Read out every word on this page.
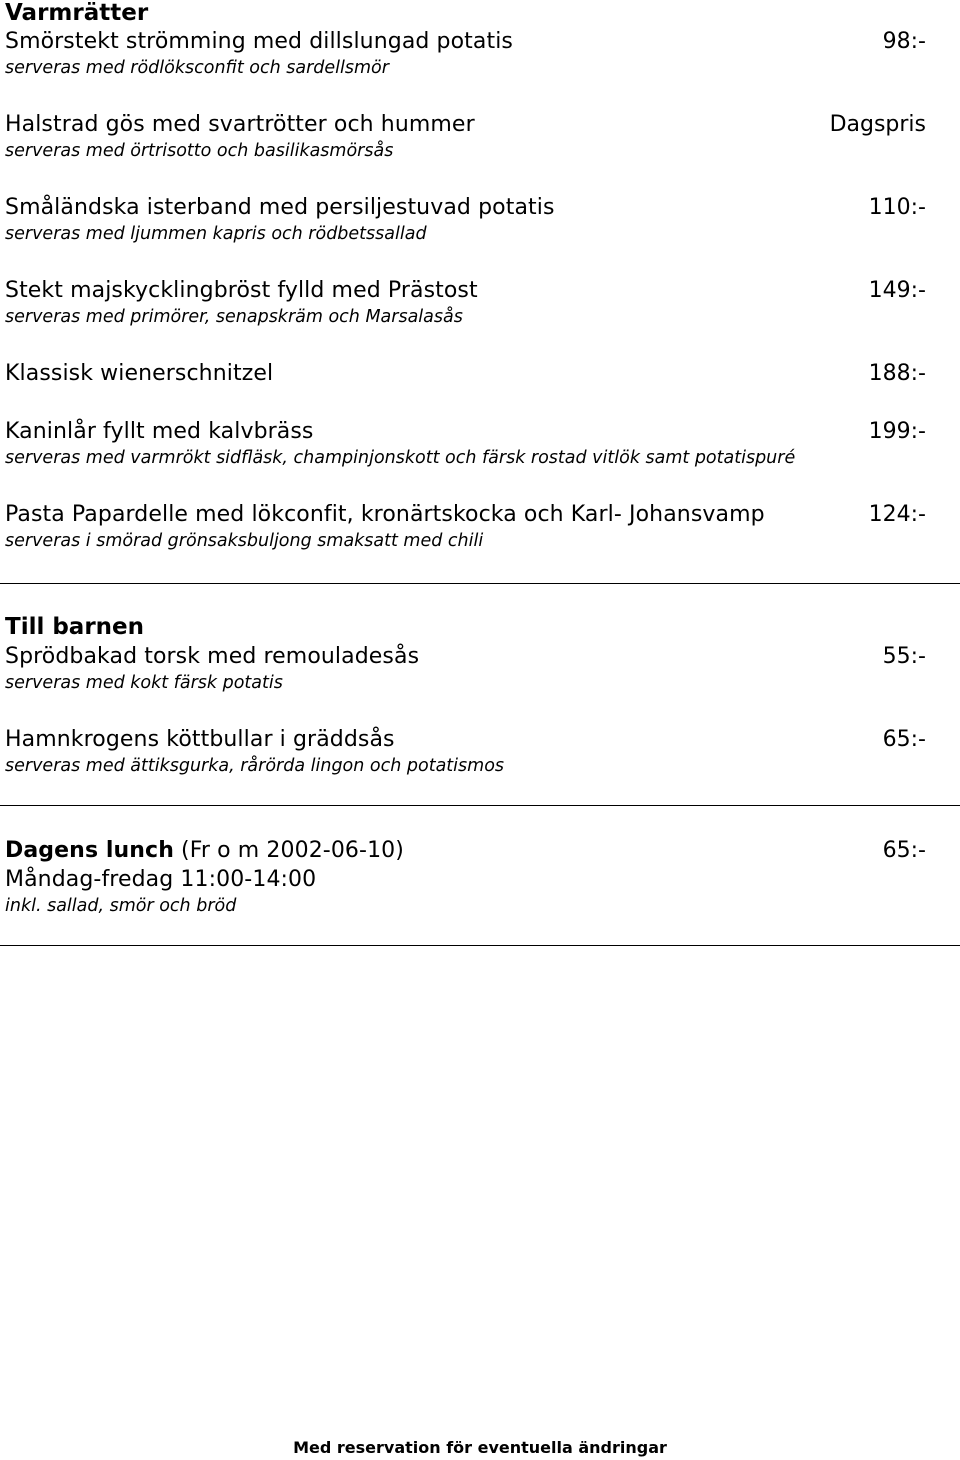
Varmrätter
Smörstekt strömming med dillslungad potatis	98:-
serveras med rödlöksconfit och sardellsmör
Halstrad gös med svartrötter och hummer	Dagspris
serveras med örtrisotto och basilikasmörsås
Småländska isterband med persiljestuvad potatis	110:-
serveras med ljummen kapris och rödbetssallad
Stekt majskycklingbröst fylld med Prästost	149:-
serveras med primörer, senapskräm och Marsalasås
Klassisk wienerschnitzel	188:-
Kaninlår fyllt med kalvbräss	199:-
serveras med varmrökt sidfläsk, champinjonskott och färsk rostad vitlök samt potatispuré
Pasta Papardelle med lökconfit, kronärtskocka och Karl- Johansvamp	124:-
serveras i smörad grönsaksbuljong smaksatt med chili
Till barnen
Sprödbakad torsk med remouladesås	55:-
serveras med kokt färsk potatis
Hamnkrogens köttbullar i gräddsås	65:-
serveras med ättiksgurka, rårörda lingon och potatismos
Dagens lunch (Fr o m 2002-06-10)	65:-
Måndag-fredag 11:00-14:00
inkl. sallad, smör och bröd
Med reservation för eventuella ändringar
